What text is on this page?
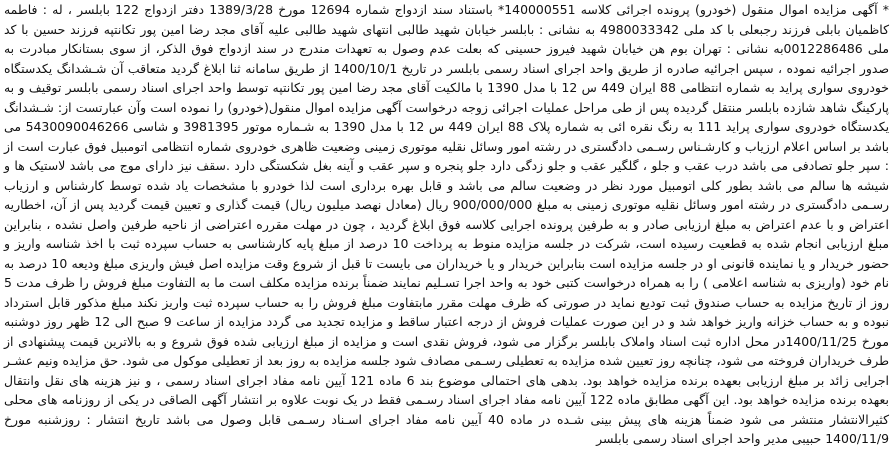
* آگهی مزایده اموال منقول (خودرو) پرونده اجرائی کلاسه 140000551* باستناد سند ازدواج شماره 12694 مورخ 1389/3/28 دفتر ازدواج 122 بابلسر ، له : فاطمه کاظمیان بابلی فرزند رجبعلی با کد ملی 4980033342 به نشانی : بابلسر خیابان شهید طالبی انتهای شهید طالبی علیه آقای مجد رضا امین پور تکانتپه فرزند حسین با کد ملی 0012286486به نشانی : تهران بوم هن خیابان شهید فیروز حسینی که بعلت عدم وصول به تعهدات مندرج در سند ازدواج فوق الذکر، از سوی بستانکار مبادرت به صدور اجرائیه نموده ، سپس اجرائیه صادره از طریق واحد اجرای اسناد رسمی بابلسر در تاریخ 1400/10/1 از طریق سامانه ثنا ابلاغ گردید متعاقب آن شـشدانگ یکدستگاه خودروی سواری پراید به شماره انتظامی 88 ایران 449 س 12 با مدل 1390 با مالکیت آقای مجد رضا امین پور تکانتپه توسط واحد اجرای اسناد رسمی بابلسر توقیف و به پارکینگ شاهد شازده بابلسر منتقل گردیده پس از طی مراحل عملیات اجرائی زوجه درخواست آگهی مزایده اموال منقول(خودرو) را نموده است وآن عبارتست از: شـشدانگ یکدستگاه خودروی سواری پراید 111 به رنگ نقره ائی به شماره پلاک 88 ایران 449 س 12 با مدل 1390 به شـماره موتور 3981395 و شاسی 5430090046266 می باشد بر اساس اعلام ارزیاب و کارشـناس رسـمی دادگستری در رشته امور وسائل نقلیه موتوری زمینی وضعیت ظاهری خودروی شماره انتظامی اتومبیل فوق عبارت است از : سپر جلو تصادفی می باشد درب عقب و جلو ، گلگیر عقب و جلو زدگی دارد جلو پنجره و سپر عقب و آینه بغل شکستگی دارد .سقف نیز دارای موج می باشد لاستیک ها و شیشه ها سالم می باشد بطور کلی اتومبیل مورد نظر در وضعیت سالم می باشد و قابل بهره برداری است لذا خودرو با مشخصات یاد شده توسط کارشناس و ارزیاب رسـمی دادگستری در رشته امور وسائل نقلیه موتوری زمینی به مبلغ 900/000/000 ریال (معادل نهصد میلیون ریال) قیمت گذاری و تعیین قیمت گردید پس از آن، اخطاریه اعتراض و با عدم اعتراض به مبلغ ارزیابی صادر و به طرفین پرونده اجرایی کلاسه فوق ابلاغ گردید ، چون در مهلت مقرره اعتراضی از ناحیه طرفین واصل نشده ، بنابراین مبلغ ارزیابی انجام شده به قطعیت رسیده است، شرکت در جلسه مزایده منوط به پرداخت 10 درصد از مبلغ پایه کارشناسی به حساب سپرده ثبت با اخذ شناسه واریز و حضور خریدار و یا نماینده قانونی او در جلسه مزایده است بنابراین خریدار و یا خریداران می بایست تا قبل از شروع وقت مزایده اصل فیش واریزی مبلغ ودیعه 10 درصد به نام خود (واریزی به شناسه اعلامی ) را به همراه درخواست کتبی خود به واحد اجرا تسـلیم نمایند ضمناً برنده مزایده مکلف است ما به التفاوت مبلغ فروش را ظرف مدت 5 روز از تاریخ مزایده به حساب صندوق ثبت تودیع نماید در صورتی که ظرف مهلت مقرر مابتفاوت مبلغ فروش را به حساب سپرده ثبت واریز نکند مبلغ مذکور قابل استرداد نبوده و به حساب خزانه واریز خواهد شد و در این صورت عملیات فروش از درجه اعتبار ساقط و مزایده تجدید می گردد مزایده از ساعت 9 صبح الی 12 ظهر روز دوشنبه مورخ 1400/11/25در محل اداره ثبت اسناد واملاک بابلسر برگزار می شود، فروش نقدی است و مزایده از مبلغ ارزیابی شده فوق شروع و به بالاترین قیمت پیشنهادی از طرف خریداران فروخته می شود، چنانچه روز تعیین شده مزایده به تعطیلی رسـمی مصادف شود جلسه مزایده به روز بعد از تعطیلی موکول می شود. حق مزایده ونیم عشـر اجرایی زائد بر مبلغ ارزیابی بعهده برنده مزایده خواهد بود. بدهی های احتمالی موضوع بند 6 ماده 121 آیین نامه مفاد اجرای اسناد رسمی ، و نیز هزینه های نقل وانتقال بعهده برنده مزایده خواهد بود. این آگهی مطابق ماده 122 آیین نامه مفاد اجرای اسناد رسـمی فقط در یک نوبت علاوه بر انتشار آگهی الصاقی در یکی از روزنامه های محلی کثیرالانتشار منتشر می شود ضمناً هزینه های پیش بینی شـده در ماده 40 آیین نامه مفاد اجرای اسـناد رسـمی قابل وصول می باشد تاریخ انتشار : روزشنبه مورخ 1400/11/9 حبیبی مدیر واحد اجرای اسناد رسمی بابلسر
